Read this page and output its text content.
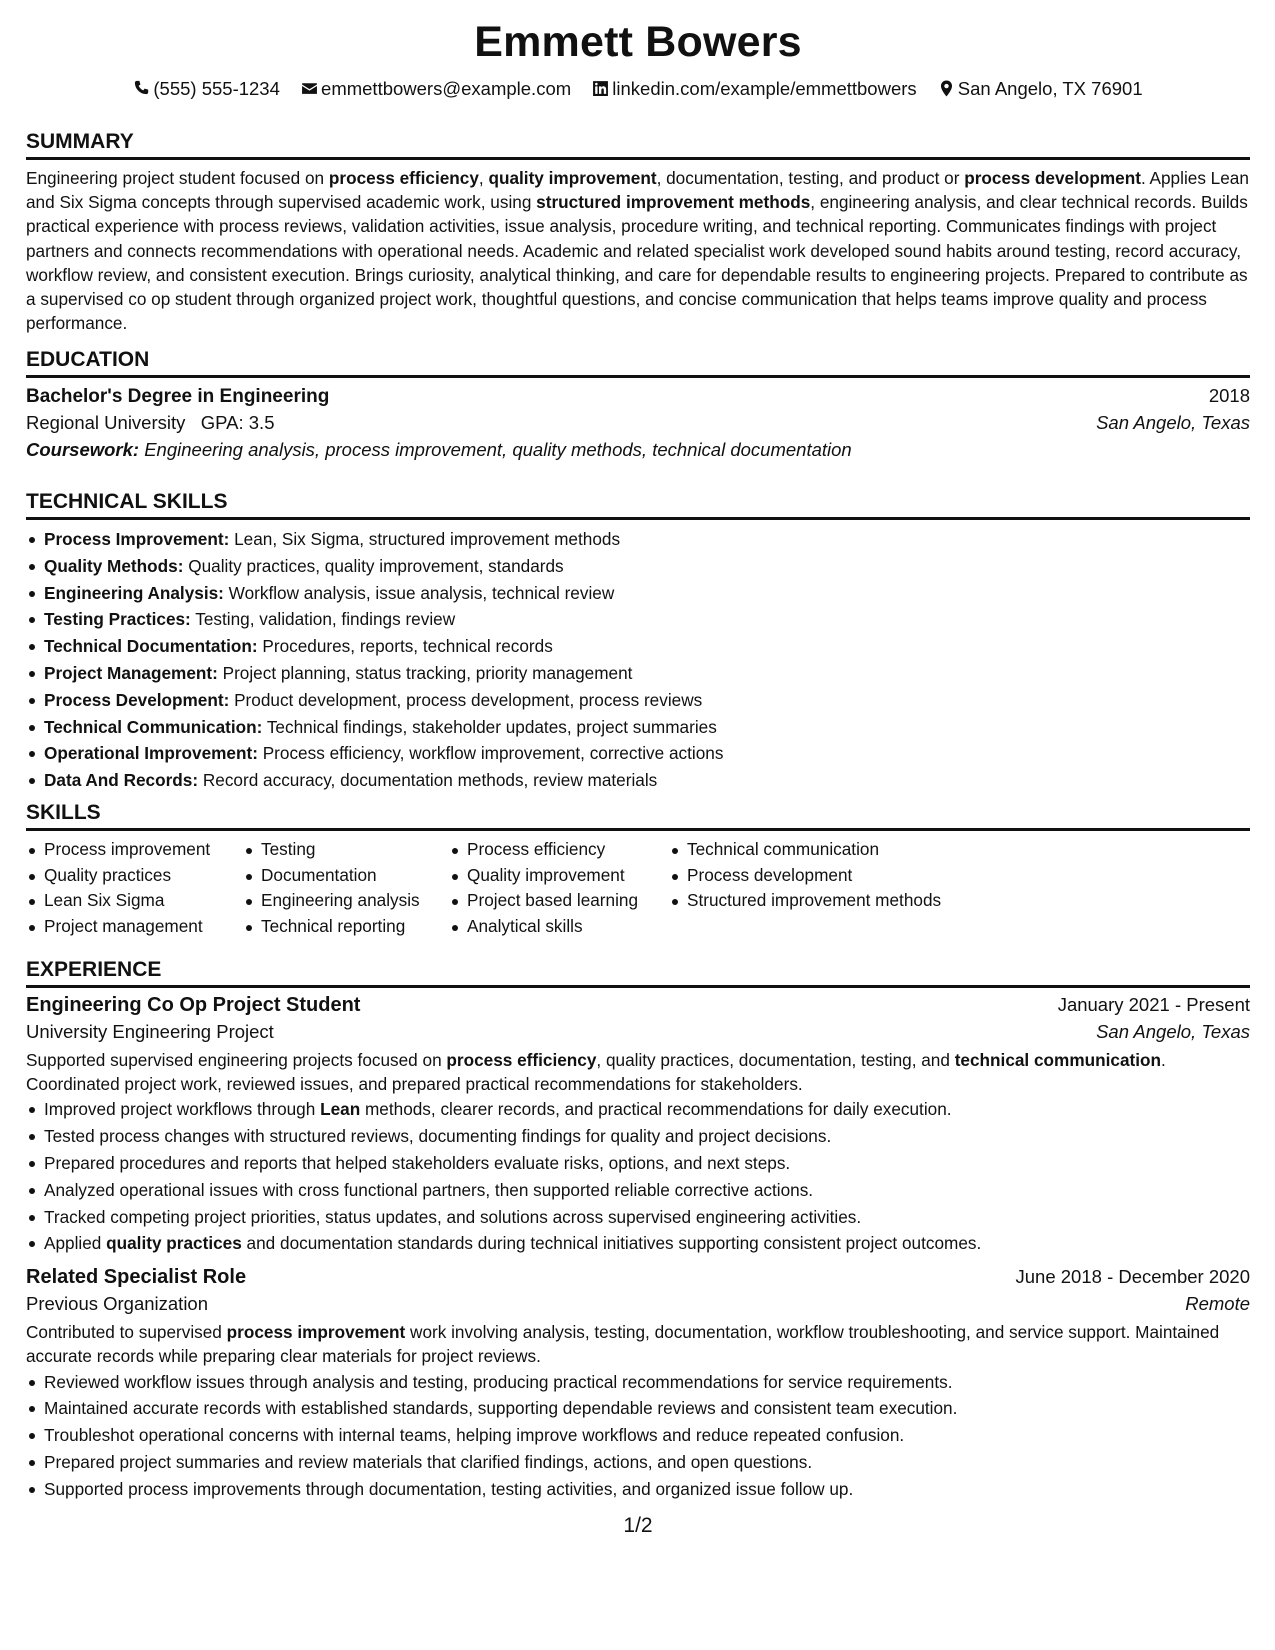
Emmett Bowers
(555) 555-1234 emmettbowers@example.com linkedin.com/example/emmettbowers San Angelo, TX 76901
SUMMARY
Engineering project student focused on process efficiency, quality improvement, documentation, testing, and product or process development. Applies Lean and Six Sigma concepts through supervised academic work, using structured improvement methods, engineering analysis, and clear technical records. Builds practical experience with process reviews, validation activities, issue analysis, procedure writing, and technical reporting. Communicates findings with project partners and connects recommendations with operational needs. Academic and related specialist work developed sound habits around testing, record accuracy, workflow review, and consistent execution. Brings curiosity, analytical thinking, and care for dependable results to engineering projects. Prepared to contribute as a supervised co op student through organized project work, thoughtful questions, and concise communication that helps teams improve quality and process performance.
EDUCATION
Bachelor's Degree in Engineering	2018
Regional University GPA: 3.5	San Angelo, Texas
Coursework: Engineering analysis, process improvement, quality methods, technical documentation
TECHNICAL SKILLS
Process Improvement: Lean, Six Sigma, structured improvement methods
Quality Methods: Quality practices, quality improvement, standards
Engineering Analysis: Workflow analysis, issue analysis, technical review
Testing Practices: Testing, validation, findings review
Technical Documentation: Procedures, reports, technical records
Project Management: Project planning, status tracking, priority management
Process Development: Product development, process development, process reviews
Technical Communication: Technical findings, stakeholder updates, project summaries
Operational Improvement: Process efficiency, workflow improvement, corrective actions
Data And Records: Record accuracy, documentation methods, review materials
SKILLS
Process improvement
Quality practices
Lean Six Sigma
Project management
Testing
Documentation
Engineering analysis
Technical reporting
Process efficiency
Quality improvement
Project based learning
Analytical skills
Technical communication
Process development
Structured improvement methods
EXPERIENCE
Engineering Co Op Project Student	January 2021 - Present
University Engineering Project	San Angelo, Texas
Supported supervised engineering projects focused on process efficiency, quality practices, documentation, testing, and technical communication. Coordinated project work, reviewed issues, and prepared practical recommendations for stakeholders.
Improved project workflows through Lean methods, clearer records, and practical recommendations for daily execution.
Tested process changes with structured reviews, documenting findings for quality and project decisions.
Prepared procedures and reports that helped stakeholders evaluate risks, options, and next steps.
Analyzed operational issues with cross functional partners, then supported reliable corrective actions.
Tracked competing project priorities, status updates, and solutions across supervised engineering activities.
Applied quality practices and documentation standards during technical initiatives supporting consistent project outcomes.
Related Specialist Role	June 2018 - December 2020
Previous Organization	Remote
Contributed to supervised process improvement work involving analysis, testing, documentation, workflow troubleshooting, and service support. Maintained accurate records while preparing clear materials for project reviews.
Reviewed workflow issues through analysis and testing, producing practical recommendations for service requirements.
Maintained accurate records with established standards, supporting dependable reviews and consistent team execution.
Troubleshot operational concerns with internal teams, helping improve workflows and reduce repeated confusion.
Prepared project summaries and review materials that clarified findings, actions, and open questions.
Supported process improvements through documentation, testing activities, and organized issue follow up.
1/2
